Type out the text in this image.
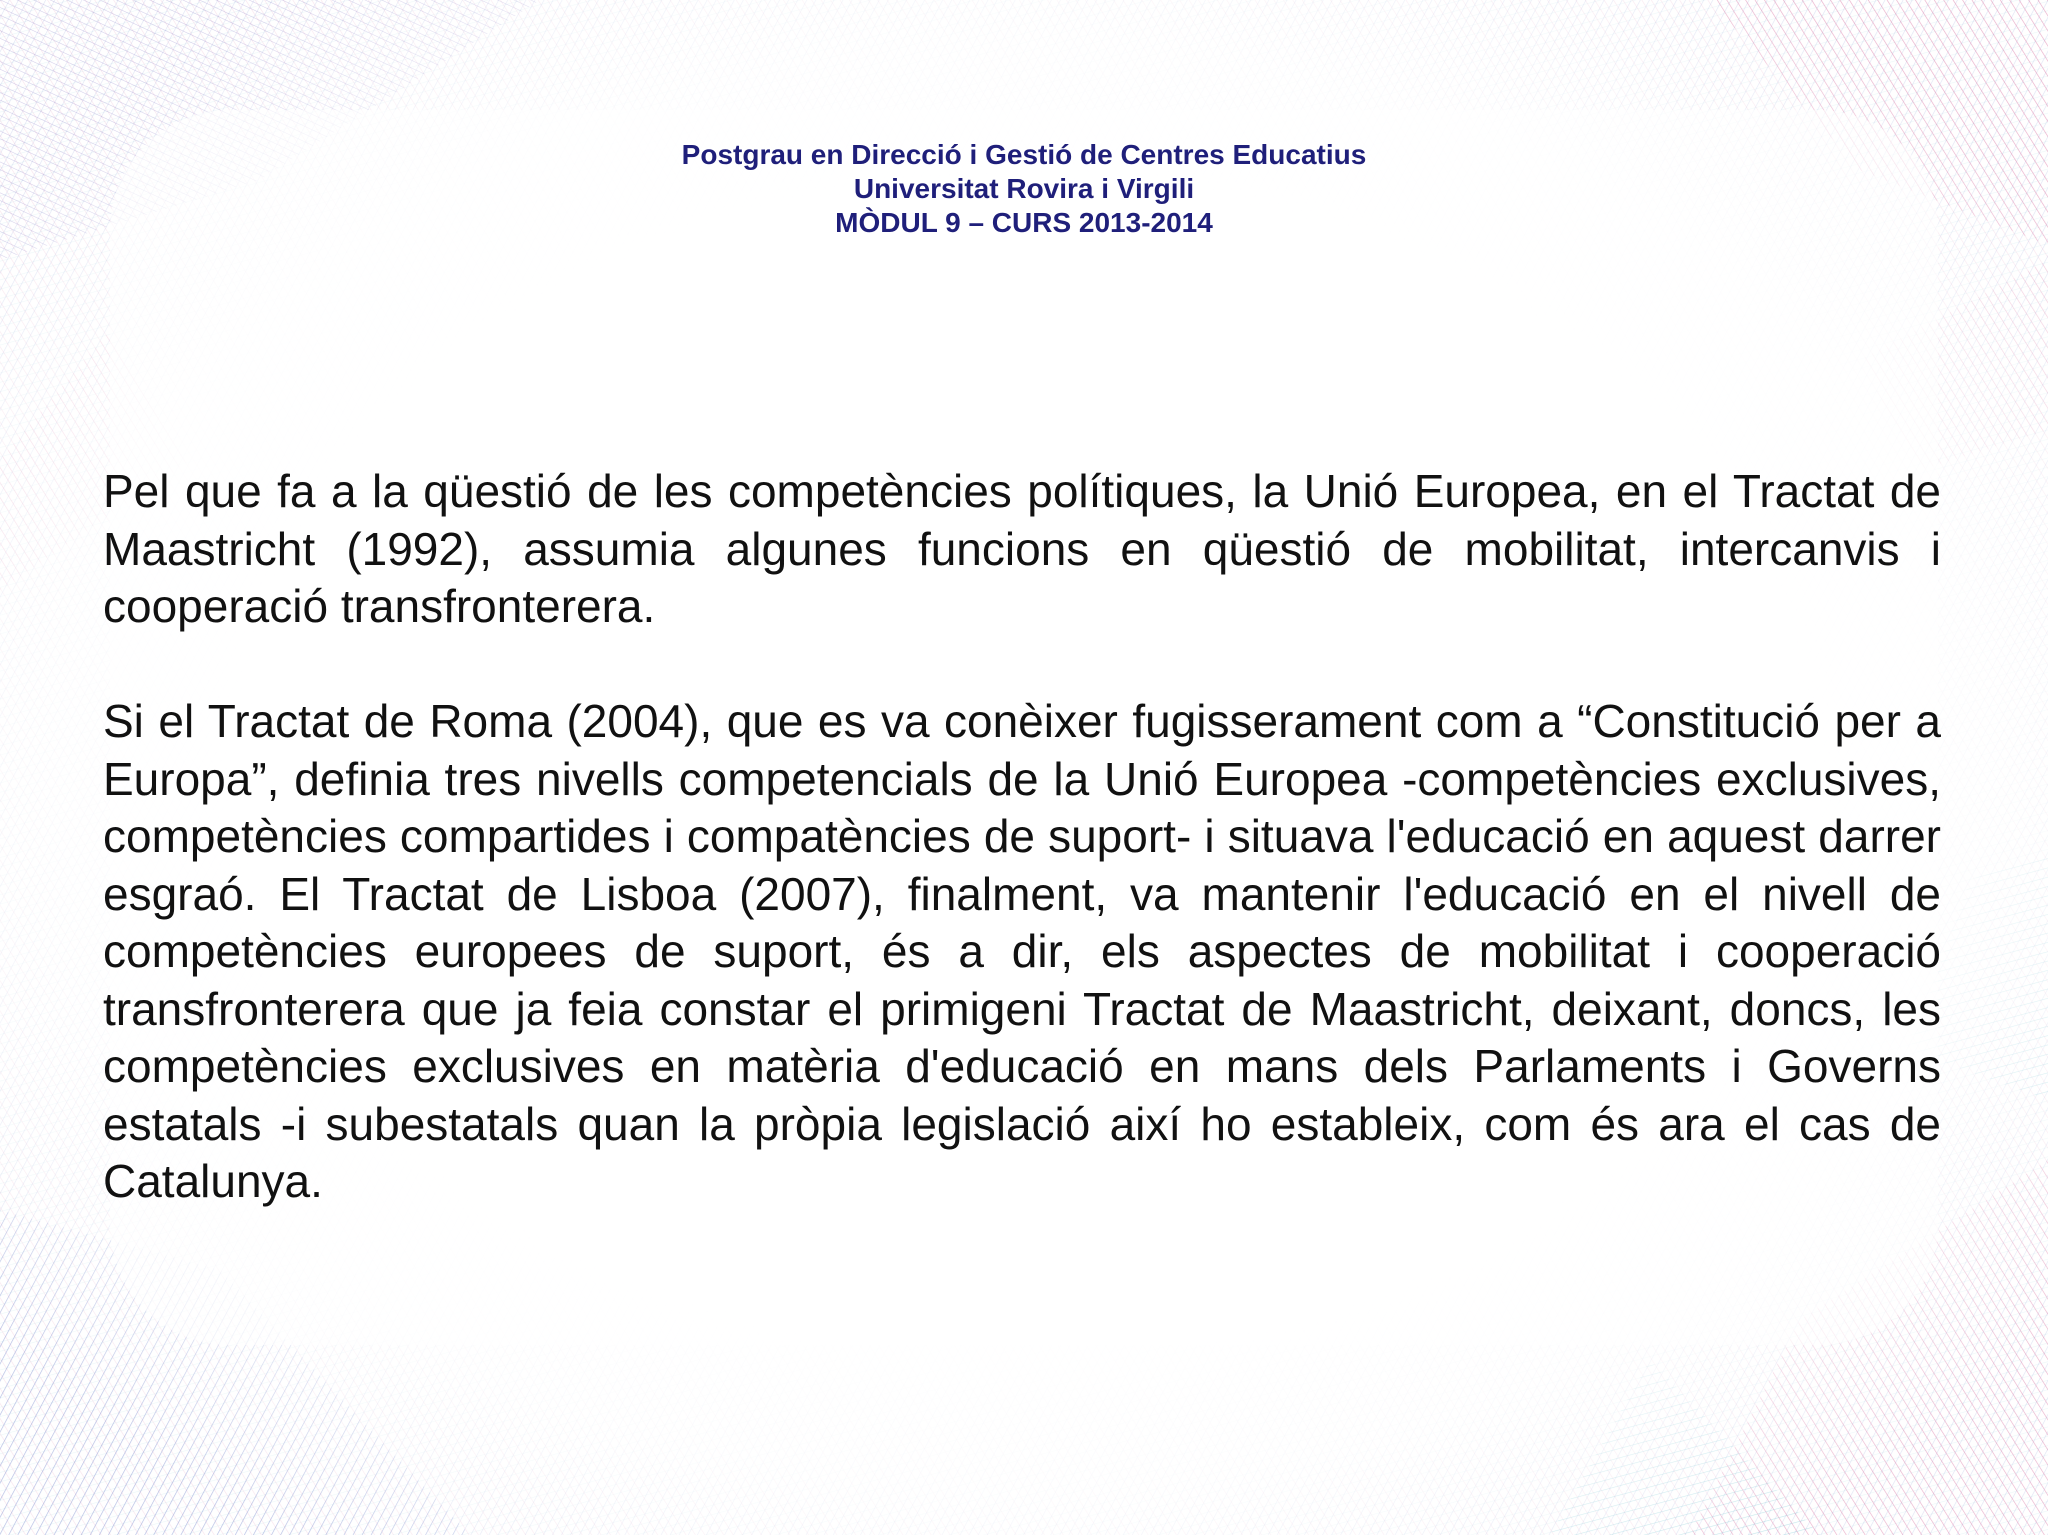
Postgrau en Direcció i Gestió de Centres Educatius
Universitat Rovira i Virgili
MÒDUL 9 – CURS 2013-2014

Pel que fa a la qüestió de les competències polítiques, la Unió Europea, en el Tractat de Maastricht (1992), assumia algunes funcions en qüestió de mobilitat, intercanvis i cooperació transfronterera.

Si el Tractat de Roma (2004), que es va conèixer fugisserament com a “Constitució per a Europa”, definia tres nivells competencials de la Unió Europea -competències exclusives, competències compartides i compatències de suport- i situava l'educació en aquest darrer esgraó. El Tractat de Lisboa (2007), finalment, va mantenir l'educació en el nivell de competències europees de suport, és a dir, els aspectes de mobilitat i cooperació transfronterera que ja feia constar el primigeni Tractat de Maastricht, deixant, doncs, les competències exclusives en matèria d'educació en mans dels Parlaments i Governs estatals -i subestatals quan la pròpia legislació així ho estableix, com és ara el cas de Catalunya.
